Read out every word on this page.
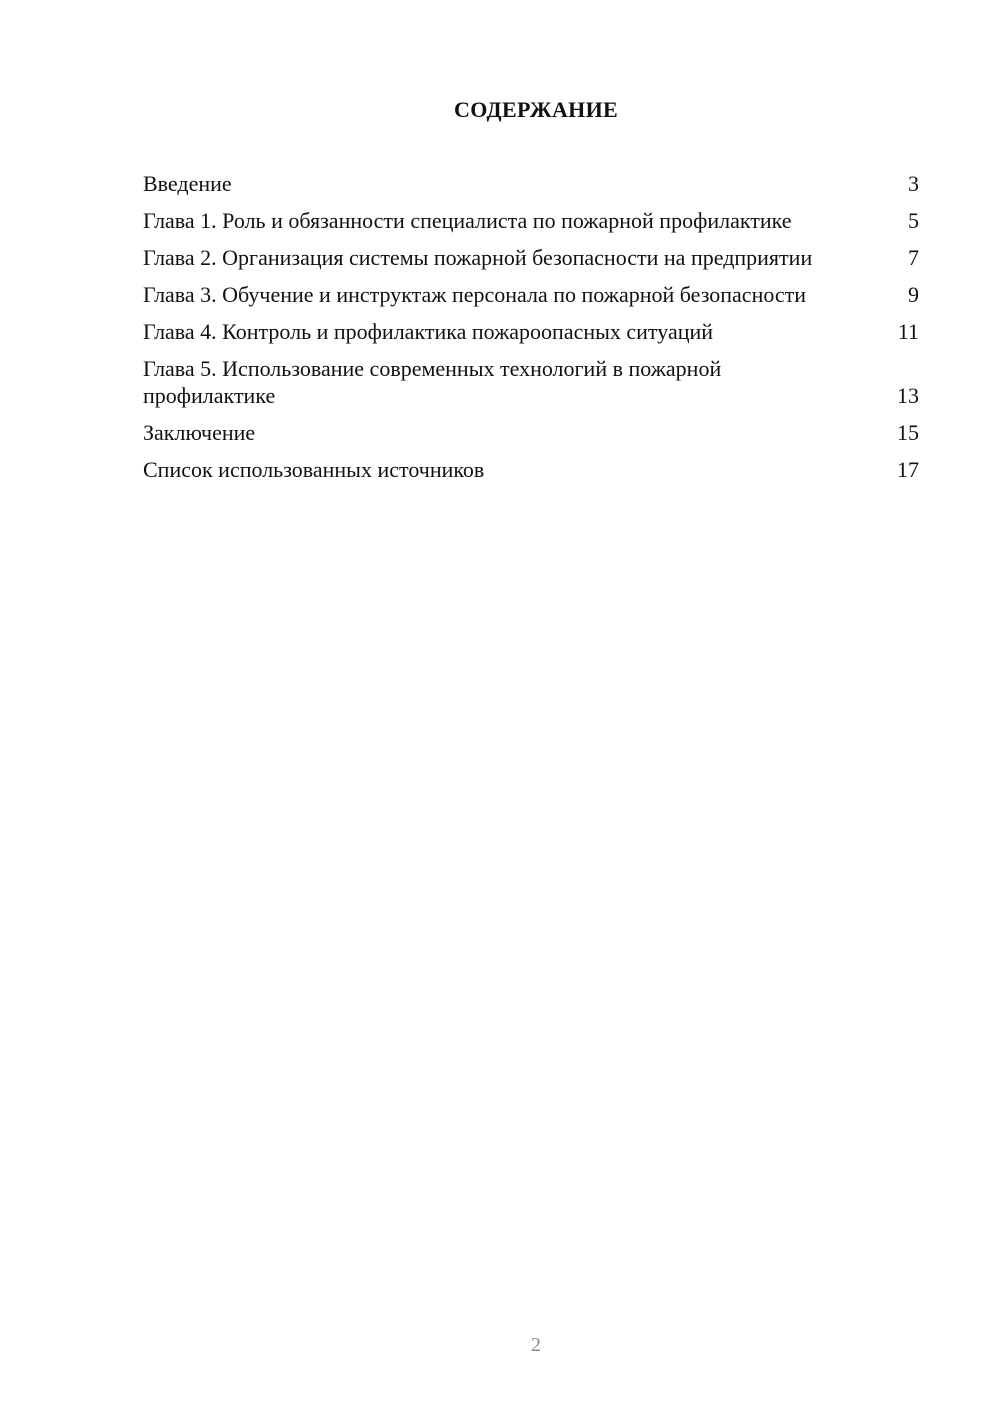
СОДЕРЖАНИЕ
Введение	3
Глава 1. Роль и обязанности специалиста по пожарной профилактике	5
Глава 2. Организация системы пожарной безопасности на предприятии	7
Глава 3. Обучение и инструктаж персонала по пожарной безопасности	9
Глава 4. Контроль и профилактика пожароопасных ситуаций	11
Глава 5. Использование современных технологий в пожарной профилактике	13
Заключение	15
Список использованных источников	17
2
